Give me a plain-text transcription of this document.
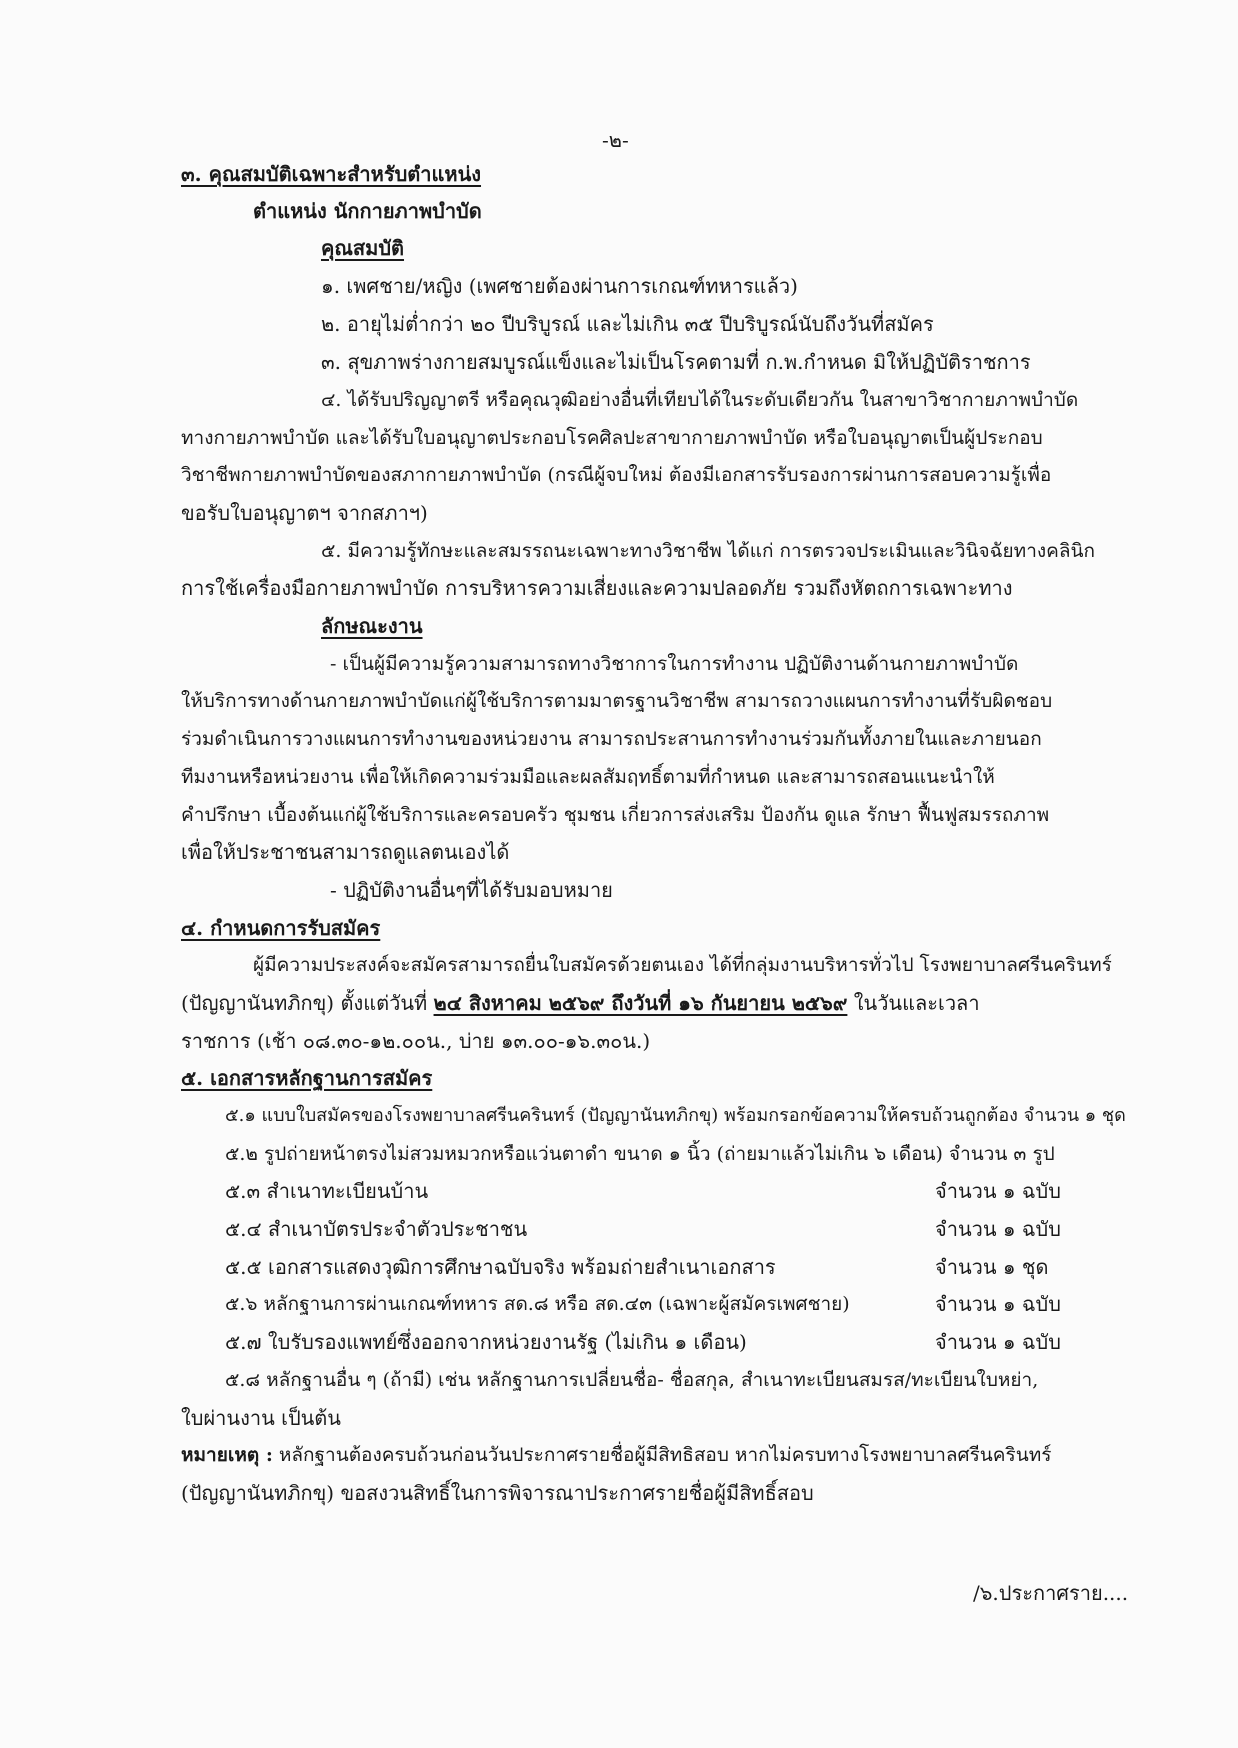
-๒-
๓. คุณสมบัติเฉพาะสำหรับตำแหน่ง
ตำแหน่ง นักกายภาพบำบัด
คุณสมบัติ
๑. เพศชาย/หญิง (เพศชายต้องผ่านการเกณฑ์ทหารแล้ว)
๒. อายุไม่ต่ำกว่า ๒๐ ปีบริบูรณ์ และไม่เกิน ๓๕ ปีบริบูรณ์นับถึงวันที่สมัคร
๓. สุขภาพร่างกายสมบูรณ์แข็งและไม่เป็นโรคตามที่ ก.พ.กำหนด มิให้ปฏิบัติราชการ
๔. ได้รับปริญญาตรี หรือคุณวุฒิอย่างอื่นที่เทียบได้ในระดับเดียวกัน ในสาขาวิชากายภาพบำบัด
ทางกายภาพบำบัด และได้รับใบอนุญาตประกอบโรคศิลปะสาขากายภาพบำบัด หรือใบอนุญาตเป็นผู้ประกอบ
วิชาชีพกายภาพบำบัดของสภากายภาพบำบัด (กรณีผู้จบใหม่ ต้องมีเอกสารรับรองการผ่านการสอบความรู้เพื่อ
ขอรับใบอนุญาตฯ จากสภาฯ)
๕. มีความรู้ทักษะและสมรรถนะเฉพาะทางวิชาชีพ ได้แก่ การตรวจประเมินและวินิจฉัยทางคลินิก
การใช้เครื่องมือกายภาพบำบัด การบริหารความเสี่ยงและความปลอดภัย รวมถึงหัตถการเฉพาะทาง
ลักษณะงาน
- เป็นผู้มีความรู้ความสามารถทางวิชาการในการทำงาน ปฏิบัติงานด้านกายภาพบำบัด
ให้บริการทางด้านกายภาพบำบัดแก่ผู้ใช้บริการตามมาตรฐานวิชาชีพ สามารถวางแผนการทำงานที่รับผิดชอบ
ร่วมดำเนินการวางแผนการทำงานของหน่วยงาน สามารถประสานการทำงานร่วมกันทั้งภายในและภายนอก
ทีมงานหรือหน่วยงาน เพื่อให้เกิดความร่วมมือและผลสัมฤทธิ์ตามที่กำหนด และสามารถสอนแนะนำให้
คำปรึกษา เบื้องต้นแก่ผู้ใช้บริการและครอบครัว ชุมชน เกี่ยวการส่งเสริม ป้องกัน ดูแล รักษา ฟื้นฟูสมรรถภาพ
เพื่อให้ประชาชนสามารถดูแลตนเองได้
- ปฏิบัติงานอื่นๆที่ได้รับมอบหมาย
๔. กำหนดการรับสมัคร
ผู้มีความประสงค์จะสมัครสามารถยื่นใบสมัครด้วยตนเอง ได้ที่กลุ่มงานบริหารทั่วไป โรงพยาบาลศรีนครินทร์
(ปัญญานันทภิกขุ) ตั้งแต่วันที่ ๒๔ สิงหาคม ๒๕๖๙ ถึงวันที่ ๑๖ กันยายน ๒๕๖๙ ในวันและเวลา
ราชการ (เช้า ๐๘.๓๐-๑๒.๐๐น., บ่าย ๑๓.๐๐-๑๖.๓๐น.)
๕. เอกสารหลักฐานการสมัคร
๕.๑ แบบใบสมัครของโรงพยาบาลศรีนครินทร์ (ปัญญานันทภิกขุ) พร้อมกรอกข้อความให้ครบถ้วนถูกต้อง จำนวน ๑ ชุด
๕.๒ รูปถ่ายหน้าตรงไม่สวมหมวกหรือแว่นตาดำ ขนาด ๑ นิ้ว (ถ่ายมาแล้วไม่เกิน ๖ เดือน) จำนวน ๓ รูป
๕.๓ สำเนาทะเบียนบ้าน	จำนวน ๑ ฉบับ
๕.๔ สำเนาบัตรประจำตัวประชาชน	จำนวน ๑ ฉบับ
๕.๕ เอกสารแสดงวุฒิการศึกษาฉบับจริง พร้อมถ่ายสำเนาเอกสาร	จำนวน ๑ ชุด
๕.๖ หลักฐานการผ่านเกณฑ์ทหาร สด.๘ หรือ สด.๔๓ (เฉพาะผู้สมัครเพศชาย)	จำนวน ๑ ฉบับ
๕.๗ ใบรับรองแพทย์ซึ่งออกจากหน่วยงานรัฐ (ไม่เกิน ๑ เดือน)	จำนวน ๑ ฉบับ
๕.๘ หลักฐานอื่น ๆ (ถ้ามี) เช่น หลักฐานการเปลี่ยนชื่อ- ชื่อสกุล, สำเนาทะเบียนสมรส/ทะเบียนใบหย่า,
ใบผ่านงาน เป็นต้น
หมายเหตุ : หลักฐานต้องครบถ้วนก่อนวันประกาศรายชื่อผู้มีสิทธิสอบ หากไม่ครบทางโรงพยาบาลศรีนครินทร์
(ปัญญานันทภิกขุ) ขอสงวนสิทธิ์ในการพิจารณาประกาศรายชื่อผู้มีสิทธิ์สอบ
/๖.ประกาศราย....
